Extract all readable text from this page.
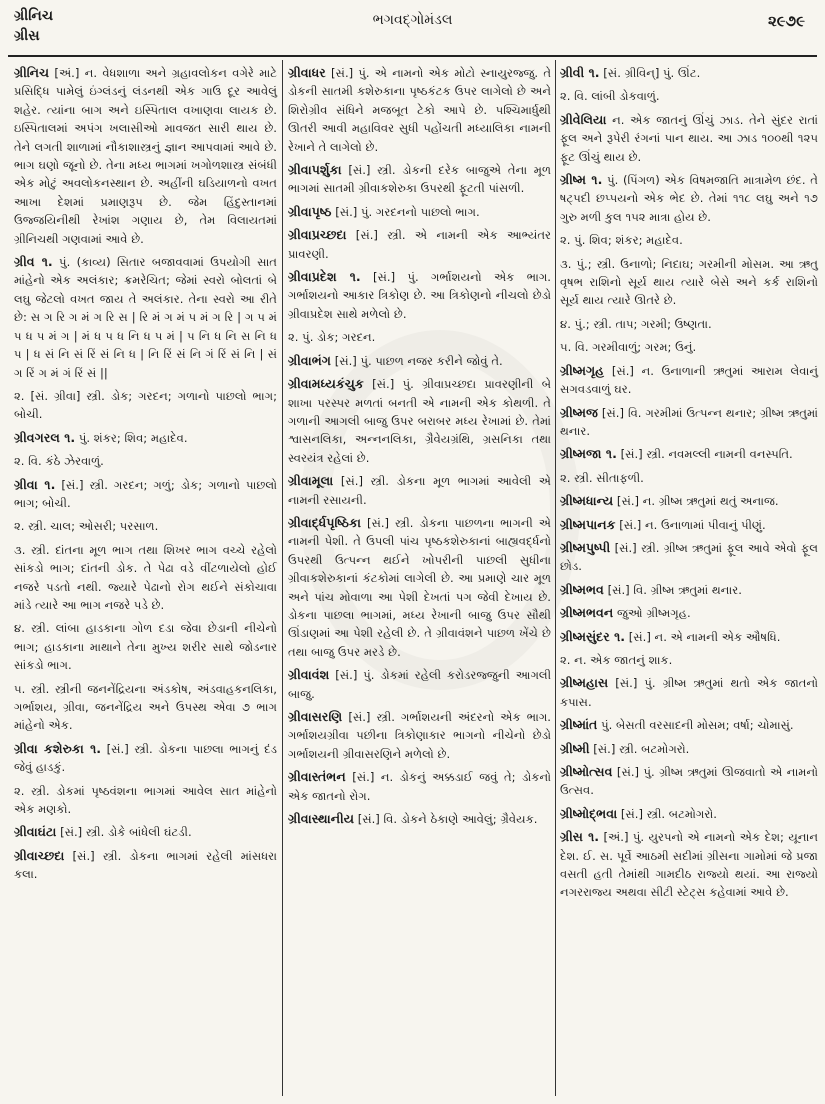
ગ્રીનિચ
ગ્રીસ
ભગવદ્ગોમંડલ	૨૯૭૯

ગ્રીનિચ [અં.] ન. વેધશાળા અને ગ્રહાવલોકન વગેરે માટે પ્રસિદ્ધિ પામેલું ઇંગ્લંડનું લંડનથી એક ગાઉ દૂર આવેલું શહેર. ત્યાંના બાગ અને ઇસ્પિતાલ વખાણવા લાયક છે. ઇસ્પિતાલમાં અપંગ ખલાસીઓ માવજત સારી થાય છે. તેને લગતી શાળામાં નૌકાશાસ્ત્રનું જ્ઞાન આપવામાં આવે છે. ભાગ ઘણો જૂનો છે. તેના મધ્ય ભાગમાં ખગોળશાસ્ત્ર સંબંધી એક મોટું અવલોકનસ્થાન છે. અહીંની ઘડિયાળનો વખત આખા દેશમાં પ્રમાણરૂપ છે. જેમ હિંદુસ્તાનમાં ઉજ્જયિનીથી રેખાંશ ગણાય છે, તેમ વિલાયતમાં ગ્રીનિચથી ગણવામાં આવે છે.

ગ્રીવ ૧. પું. (કાવ્ય) સિતાર બજાવવામાં ઉપયોગી સાત માંહેનો એક અલંકાર; ક્રમરેચિત; જેમાં સ્વરો બોલતાં બે લઘુ જેટલો વખત જાય તે અલંકાર. તેના સ્વરો આ રીતે છે: સ ગ રિ ગ મં ગ રિ સ | રિ મં ગ મં પ મં ગ રિ | ગ પ મં પ ધ પ મં ગ | મં ધ પ ધ નિ ધ પ મં | પ નિ ધ નિ સ નિ ધ પ | ધ સં નિ સં રિં સં નિ ધ | નિ રિં સં નિ ગં રિં સં નિ | સં ગ રિં ગ મં ગં રિં સં ||

૨. [સં. ગ્રીવા] સ્ત્રી. ડોક; ગરદન; ગળાનો પાછલો ભાગ; બોચી.

ગ્રીવગરલ ૧. પું. શંકર; શિવ; મહાદેવ.

૨. વિ. કંઠે ઝેરવાળું.

ગ્રીવા ૧. [સં.] સ્ત્રી. ગરદન; ગળું; ડોક; ગળાનો પાછલો ભાગ; બોચી.

૨. સ્ત્રી. ચાલ; ઓસરી; પરસાળ.

૩. સ્ત્રી. દાંતના મૂળ ભાગ તથા શિખર ભાગ વચ્ચે રહેલો સાંકડો ભાગ; દાંતની ડોક. તે પેઢા વડે વીંટળાયેલો હોઈ નજરે પડતો નથી. જ્યારે પેઢાનો રોગ થઈને સંકોચાવા માંડે ત્યારે આ ભાગ નજરે પડે છે.

૪. સ્ત્રી. લાંબા હાડકાના ગોળ દડા જેવા છેડાની નીચેનો ભાગ; હાડકાના માથાને તેના મુખ્ય શરીર સાથે જોડનાર સાંકડો ભાગ.

૫. સ્ત્રી. સ્ત્રીની જનનેંદ્રિયના અંડકોષ, અંડવાહકનલિકા, ગર્ભાશય, ગ્રીવા, જનનેંદ્રિય અને ઉપસ્થ એવા ૭ ભાગ માંહેનો એક.

ગ્રીવા કશેરુકા ૧. [સં.] સ્ત્રી. ડોકના પાછલા ભાગનું દંડ જેવું હાડકું.

૨. સ્ત્રી. ડોકમાં પૃષ્ઠવંશના ભાગમાં આવેલ સાત માંહેનો એક મણકો.

ગ્રીવાઘંટા [સં.] સ્ત્રી. ડોકે બાંધેલી ઘંટડી.

ગ્રીવાચ્છદા [સં.] સ્ત્રી. ડોકના ભાગમાં રહેલી માંસધરા કલા.

ગ્રીવાધર [સં.] પું. એ નામનો એક મોટો સ્નાયુરજ્જુ. તે ડોકની સાતમી કશેરુકાના પૃષ્ઠકંટક ઉપર લાગેલો છે અને શિરોગ્રીવ સંધિને મજબૂત ટેકો આપે છે. પશ્ચિમાર્ધુથી ઊતરી આવી મહાવિવર સુધી પહોંચતી મધ્યાલિકા નામની રેખાને તે લાગેલો છે.

ગ્રીવાપર્શુકા [સં.] સ્ત્રી. ડોકની દરેક બાજુએ તેના મૂળ ભાગમાં સાતમી ગ્રીવાકશેરુકા ઉપરથી ફૂટતી પાંસળી.

ગ્રીવાપૃષ્ઠ [સં.] પું. ગરદનનો પાછલો ભાગ.

ગ્રીવાપ્રચ્છદા [સં.] સ્ત્રી. એ નામની એક આભ્યંતર પ્રાવરણી.

ગ્રીવાપ્રદેશ ૧. [સં.] પું. ગર્ભાશયનો એક ભાગ. ગર્ભાશયનો આકાર ત્રિકોણ છે. આ ત્રિકોણનો નીચલો છેડો ગ્રીવાપ્રદેશ સાથે મળેલો છે.

૨. પું. ડોક; ગરદન.

ગ્રીવાભંગ [સં.] પું. પાછળ નજર કરીને જોવું તે.

ગ્રીવામધ્યકંચુક [સં.] પું. ગ્રીવાપ્રચ્છદા પ્રાવરણીની બે શાખા પરસ્પર મળતાં બનતી એ નામની એક કોથળી. તે ગળાની આગલી બાજુ ઉપર બરાબર મધ્ય રેખામાં છે. તેમાં શ્વાસનલિકા, અન્નનલિકા, ગ્રૈવેયગ્રંથિ, ગ્રસનિકા તથા સ્વરયંત્ર રહેલાં છે.

ગ્રીવામૂલા [સં.] સ્ત્રી. ડોકના મૂળ ભાગમાં આવેલી એ નામની રસાયની.

ગ્રીવાર્દ્ધપૃષ્ઠિકા [સં.] સ્ત્રી. ડોકના પાછળના ભાગની એ નામની પેશી. તે ઉપલી પાંચ પૃષ્ઠકશેરુકાનાં બાહ્યવર્દ્ધનો ઉપરથી ઉત્પન્ન થઈને ખોપરીની પાછલી સુધીના ગ્રીવાકશેરુકાનાં કંટકોમાં લાગેલી છે. આ પ્રમાણે ચાર મૂળ અને પાંચ મોવાળા આ પેશી દેખતાં પગ જેવી દેખાય છે. ડોકના પાછલા ભાગમાં, મધ્ય રેખાની બાજુ ઉપર સૌથી ઊંડાણમાં આ પેશી રહેલી છે. તે ગ્રીવાવંશને પાછળ ખેંચે છે તથા બાજુ ઉપર મરડે છે.

ગ્રીવાવંશ [સં.] પું. ડોકમાં રહેલી કરોડરજ્જુની આગલી બાજુ.

ગ્રીવાસરણિ [સં.] સ્ત્રી. ગર્ભાશયની અંદરનો એક ભાગ. ગર્ભાશયગ્રીવા પછીના ત્રિકોણાકાર ભાગનો નીચેનો છેડો ગર્ભાશયની ગ્રીવાસરણિને મળેલો છે.

ગ્રીવાસ્તંભન [સં.] ન. ડોકનું અક્કડાઈ જવું તે; ડોકનો એક જાતનો રોગ.

ગ્રીવાસ્થાનીય [સં.] વિ. ડોકને ઠેકાણે આવેલું; ગ્રૈવેયક.

ગ્રીવી ૧. [સં. ગ્રીવિન્] પું. ઊંટ.

૨. વિ. લાંબી ડોકવાળું.

ગ્રીવેલિયા ન. એક જાતનું ઊંચું ઝાડ. તેને સુંદર રાતાં ફૂલ અને રૂપેરી રંગનાં પાન થાય. આ ઝાડ ૧૦૦થી ૧૨૫ ફૂટ ઊંચું થાય છે.

ગ્રીષ્મ ૧. પું. (પિંગળ) એક વિષમજાતિ માત્રામેળ છંદ. તે ષટ્પદી છપ્પયનો એક ભેદ છે. તેમાં ૧૧૮ લઘુ અને ૧૭ ગુરુ મળી કુલ ૧૫૨ માત્રા હોય છે.

૨. પું. શિવ; શંકર; મહાદેવ.

૩. પું.; સ્ત્રી. ઉનાળો; નિદાઘ; ગરમીની મોસમ. આ ઋતુ વૃષભ રાશિનો સૂર્ય થાય ત્યારે બેસે અને કર્ક રાશિનો સૂર્ય થાય ત્યારે ઊતરે છે.

૪. પું.; સ્ત્રી. તાપ; ગરમી; ઉષ્ણતા.

૫. વિ. ગરમીવાળું; ગરમ; ઉનું.

ગ્રીષ્મગૃહ [સં.] ન. ઉનાળાની ઋતુમાં આરામ લેવાનું સગવડવાળું ઘર.

ગ્રીષ્મજ [સં.] વિ. ગરમીમાં ઉત્પન્ન થનાર; ગ્રીષ્મ ઋતુમાં થનાર.

ગ્રીષ્મજા ૧. [સં.] સ્ત્રી. નવમલ્લી નામની વનસ્પતિ.

૨. સ્ત્રી. સીતાફળી.

ગ્રીષ્મધાન્ય [સં.] ન. ગ્રીષ્મ ઋતુમાં થતું અનાજ.

ગ્રીષ્મપાનક [સં.] ન. ઉનાળામાં પીવાનું પીણું.

ગ્રીષ્મપુષ્પી [સં.] સ્ત્રી. ગ્રીષ્મ ઋતુમાં ફૂલ આવે એવો ફૂલ છોડ.

ગ્રીષ્મભવ [સં.] વિ. ગ્રીષ્મ ઋતુમાં થનાર.

ગ્રીષ્મભવન જુઓ ગ્રીષ્મગૃહ.

ગ્રીષ્મસુંદર ૧. [સં.] ન. એ નામની એક ઔષધિ.

૨. ન. એક જાતનું શાક.

ગ્રીષ્મહાસ [સં.] પું. ગ્રીષ્મ ઋતુમાં થતો એક જાતનો કપાસ.

ગ્રીષ્માંત પું. બેસતી વરસાદની મોસમ; વર્ષા; ચોમાસું.

ગ્રીષ્મી [સં.] સ્ત્રી. બટમોગરો.

ગ્રીષ્મોત્સવ [સં.] પું. ગ્રીષ્મ ઋતુમાં ઊજવાતો એ નામનો ઉત્સવ.

ગ્રીષ્મોદ્ભવા [સં.] સ્ત્રી. બટમોગરો.

ગ્રીસ ૧. [અં.] પું. યુરપનો એ નામનો એક દેશ; યૂનાન દેશ. ઈ. સ. પૂર્વે આઠમી સદીમાં ગ્રીસના ગામોમાં જે પ્રજા વસતી હતી તેમાંથી ગામદીઠ રાજ્યો થયાં. આ રાજ્યો નગરરાજ્ય અથવા સીટી સ્ટેટ્સ કહેવામાં આવે છે.
